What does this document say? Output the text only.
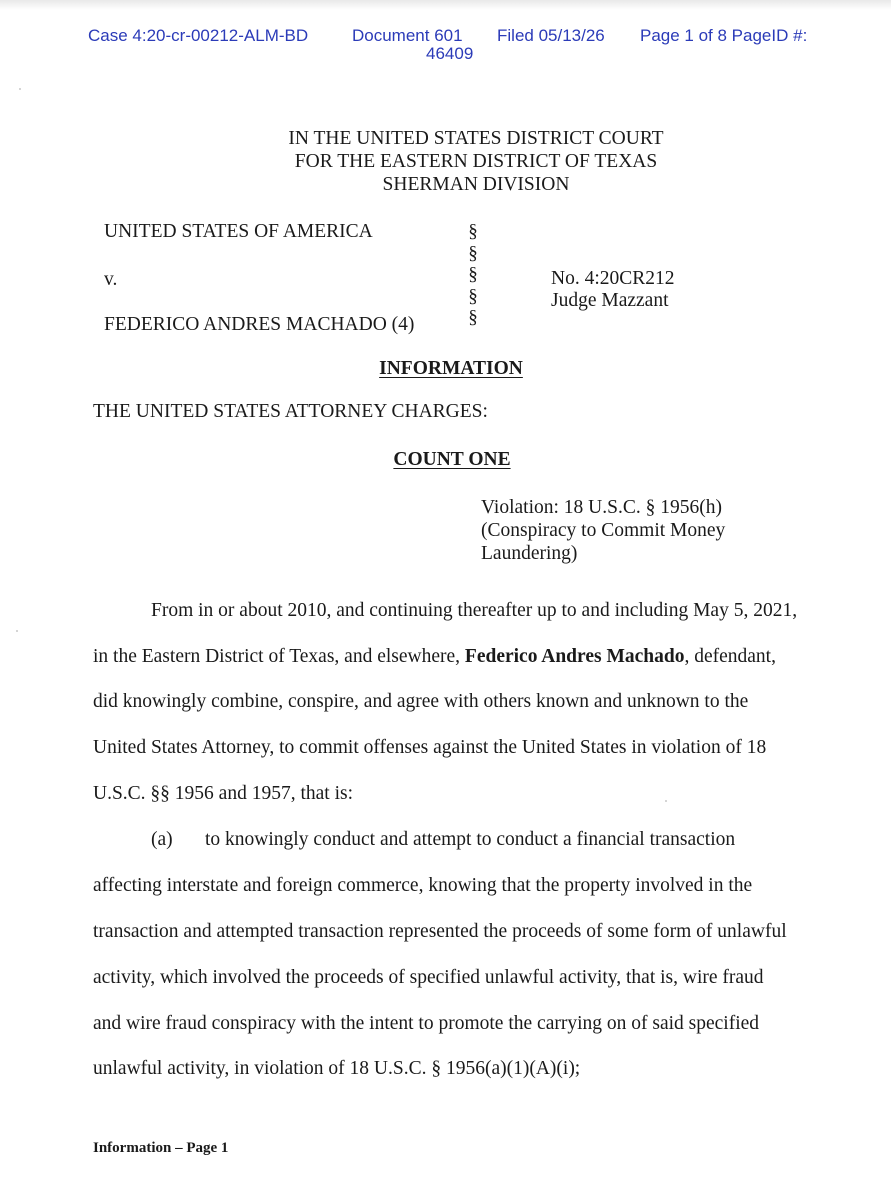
Case 4:20-cr-00212-ALM-BD	Document 601 Filed 05/13/26 Page 1 of 8 PageID #:
46409
IN THE UNITED STATES DISTRICT COURT
FOR THE EASTERN DISTRICT OF TEXAS
SHERMAN DIVISION
UNITED STATES OF AMERICA
v.
FEDERICO ANDRES MACHADO (4)
§
§
§
§
§
No. 4:20CR212
Judge Mazzant
INFORMATION
THE UNITED STATES ATTORNEY CHARGES:
COUNT ONE
Violation: 18 U.S.C. § 1956(h)
(Conspiracy to Commit Money
Laundering)
From in or about 2010, and continuing thereafter up to and including May 5, 2021,
in the Eastern District of Texas, and elsewhere, Federico Andres Machado, defendant,
did knowingly combine, conspire, and agree with others known and unknown to the
United States Attorney, to commit offenses against the United States in violation of 18
U.S.C. §§ 1956 and 1957, that is:
(a) to knowingly conduct and attempt to conduct a financial transaction
affecting interstate and foreign commerce, knowing that the property involved in the
transaction and attempted transaction represented the proceeds of some form of unlawful
activity, which involved the proceeds of specified unlawful activity, that is, wire fraud
and wire fraud conspiracy with the intent to promote the carrying on of said specified
unlawful activity, in violation of 18 U.S.C. § 1956(a)(1)(A)(i);
Information – Page 1
